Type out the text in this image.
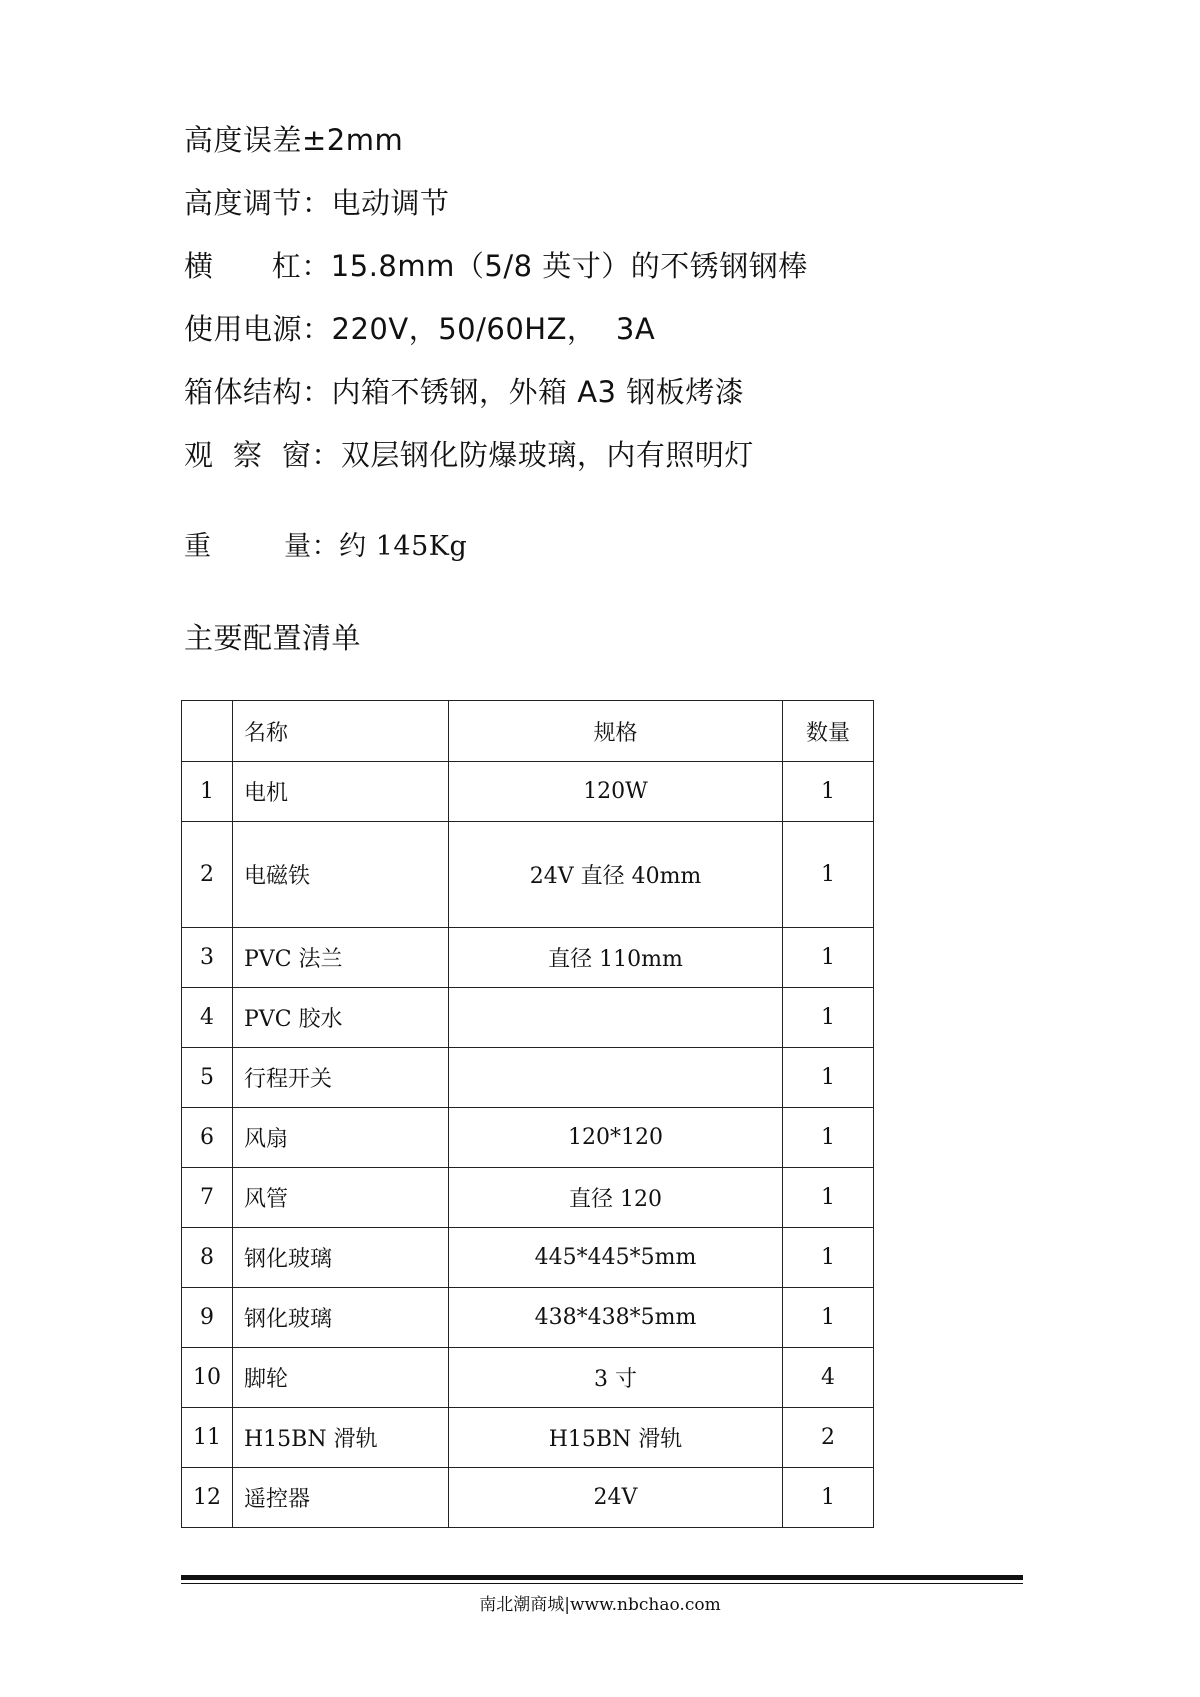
高度误差±2mm
高度调节：电动调节
横      杠：15.8mm（5/8 英寸）的不锈钢钢棒
使用电源：220V，50/60HZ，  3A
箱体结构：内箱不锈钢，外箱 A3 钢板烤漆
观  察  窗：双层钢化防爆玻璃，内有照明灯
重        量：约 145Kg
主要配置清单
	名称	规格	数量
1	电机	120W	1
2	电磁铁	24V 直径 40mm	1
3	PVC 法兰	直径 110mm	1
4	PVC 胶水		1
5	行程开关		1
6	风扇	120*120	1
7	风管	直径 120	1
8	钢化玻璃	445*445*5mm	1
9	钢化玻璃	438*438*5mm	1
10	脚轮	3 寸	4
11	H15BN 滑轨	H15BN 滑轨	2
12	遥控器	24V	1
南北潮商城|www.nbchao.com
